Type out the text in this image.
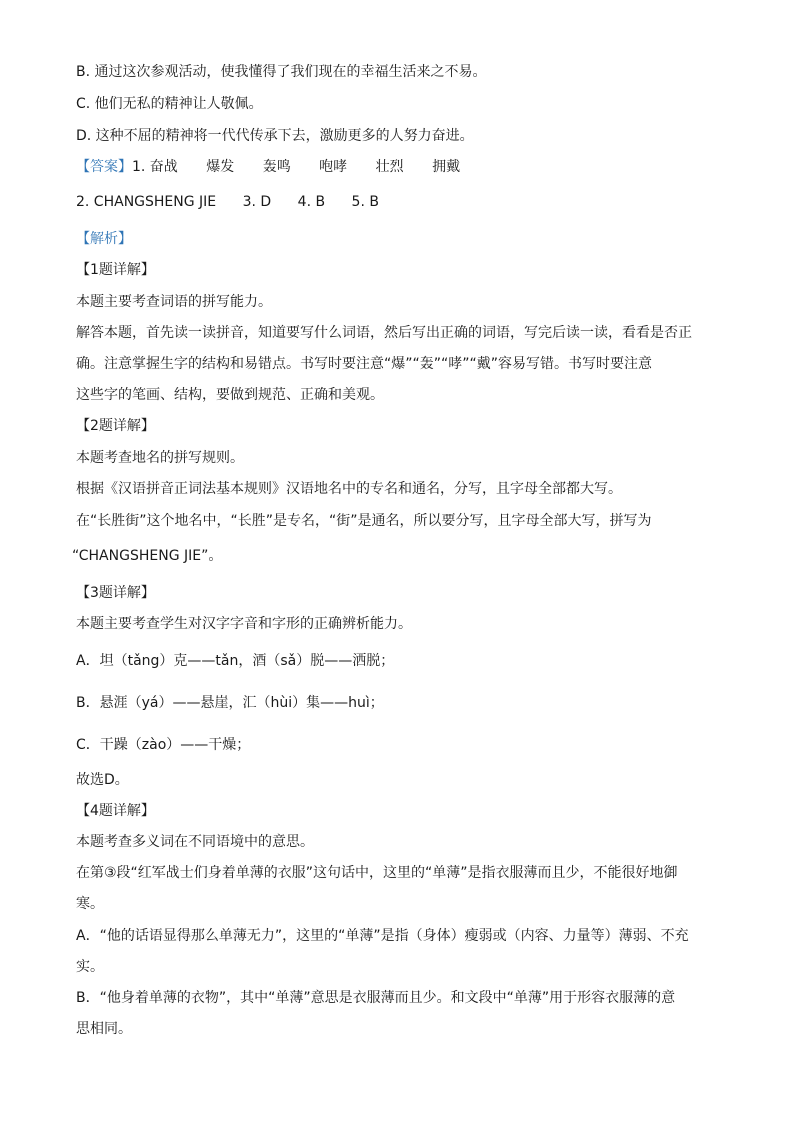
B. 通过这次参观活动，使我懂得了我们现在的幸福生活来之不易。

C. 他们无私的精神让人敬佩。

D. 这种不屈的精神将一代代传承下去，激励更多的人努力奋进。

【答案】1. 奋战 爆发 轰鸣 咆哮 壮烈 拥戴
2. CHANGSHENG JIE 3. D 4. B 5. B

【解析】

【1题详解】

本题主要考查词语的拼写能力。

解答本题，首先读一读拼音，知道要写什么词语，然后写出正确的词语，写完后读一读，看看是否正

确。注意掌握生字的结构和易错点。书写时要注意“爆”“轰”“哮”“戴”容易写错。书写时要注意

这些字的笔画、结构，要做到规范、正确和美观。

【2题详解】

本题考查地名的拼写规则。

根据《汉语拼音正词法基本规则》汉语地名中的专名和通名，分写，且字母全部都大写。

在“长胜街”这个地名中，“长胜”是专名，“街”是通名，所以要分写，且字母全部大写，拼写为

“CHANGSHENG JIE”。

【3题详解】

本题主要考查学生对汉字字音和字形的正确辨析能力。

A．坦（tǎng）克——tǎn，酒（sǎ）脱——洒脱；

B．悬涯（yá）——悬崖，汇（hùi）集——huì；

C．干躁（zào）——干燥；

故选D。

【4题详解】

本题考查多义词在不同语境中的意思。

在第③段“红军战士们身着单薄的衣服”这句话中，这里的“单薄”是指衣服薄而且少，不能很好地御

寒。

A．“他的话语显得那么单薄无力”，这里的“单薄”是指（身体）瘦弱或（内容、力量等）薄弱、不充

实。

B．“他身着单薄的衣物”，其中“单薄”意思是衣服薄而且少。和文段中“单薄”用于形容衣服薄的意

思相同。
